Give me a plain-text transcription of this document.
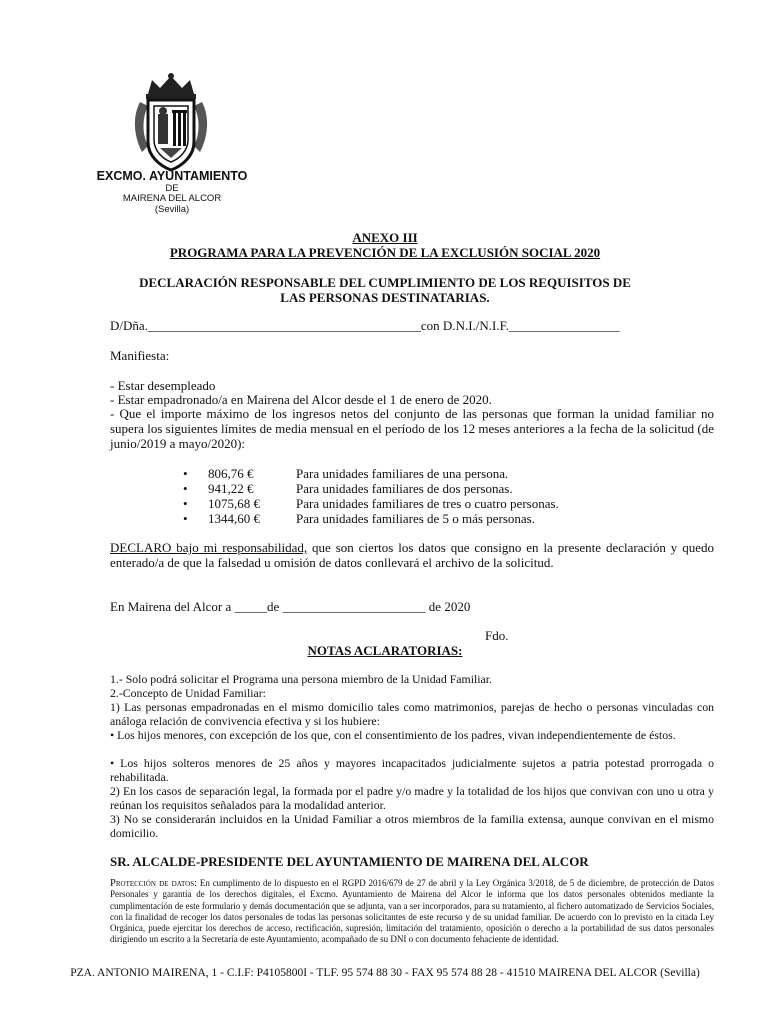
EXCMO. AYUNTAMIENTO
DE
MAIRENA DEL ALCOR
(Sevilla)
ANEXO III
PROGRAMA PARA LA PREVENCIÓN DE LA EXCLUSIÓN SOCIAL 2020
DECLARACIÓN RESPONSABLE DEL CUMPLIMIENTO DE LOS REQUISITOS DE
LAS PERSONAS DESTINATARIAS.
D/Dña.__________________________________________con D.N.I./N.I.F._________________
Manifiesta:
- Estar desempleado
- Estar empadronado/a en Mairena del Alcor desde el 1 de enero de 2020.
- Que el importe máximo de los ingresos netos del conjunto de las personas que forman la unidad familiar no supera los siguientes límites de media mensual en el período de los 12 meses anteriores a la fecha de la solicitud (de junio/2019 a mayo/2020):
• 806,76 €	Para unidades familiares de una persona.
• 941,22 €	Para unidades familiares de dos personas.
• 1075,68 €	Para unidades familiares de tres o cuatro personas.
• 1344,60 €	Para unidades familiares de 5 o más personas.
DECLARO bajo mi responsabilidad, que son ciertos los datos que consigno en la presente declaración y quedo enterado/a de que la falsedad u omisión de datos conllevará el archivo de la solicitud.
En Mairena del Alcor a _____de ______________________ de 2020
Fdo.
NOTAS ACLARATORIAS:
1.- Solo podrá solicitar el Programa una persona miembro de la Unidad Familiar.
2.-Concepto de Unidad Familiar:
1) Las personas empadronadas en el mismo domicilio tales como matrimonios, parejas de hecho o personas vinculadas con análoga relación de convivencia efectiva y si los hubiere:
• Los hijos menores, con excepción de los que, con el consentimiento de los padres, vivan independientemente de éstos.
• Los hijos solteros menores de 25 años y mayores incapacitados judicialmente sujetos a patria potestad prorrogada o rehabilitada.
2) En los casos de separación legal, la formada por el padre y/o madre y la totalidad de los hijos que convivan con uno u otra y reúnan los requisitos señalados para la modalidad anterior.
3) No se considerarán incluidos en la Unidad Familiar a otros miembros de la familia extensa, aunque convivan en el mismo domicilio.
SR. ALCALDE-PRESIDENTE DEL AYUNTAMIENTO DE MAIRENA DEL ALCOR
Protección de datos: En cumplimento de lo dispuesto en el RGPD 2016/679 de 27 de abril y la Ley Orgánica 3/2018, de 5 de diciembre, de protección de Datos Personales y garantía de los derechos digitales, el Excmo. Ayuntamiento de Mairena del Alcor le informa que los datos personales obtenidos mediante la cumplimentación de este formulario y demás documentación que se adjunta, van a ser incorporados, para su tratamiento, al fichero automatizado de Servicios Sociales, con la finalidad de recoger los datos personales de todas las personas solicitantes de este recurso y de su unidad familiar. De acuerdo con lo previsto en la citada Ley Orgánica, puede ejercitar los derechos de acceso, rectificación, supresión, limitación del tratamiento, oposición o derecho a la portabilidad de sus datos personales dirigiendo un escrito a la Secretaría de este Ayuntamiento, acompañado de su DNI o con documento fehaciente de identidad.
PZA. ANTONIO MAIRENA, 1 - C.I.F: P4105800I - TLF. 95 574 88 30 - FAX 95 574 88 28 - 41510 MAIRENA DEL ALCOR (Sevilla)
